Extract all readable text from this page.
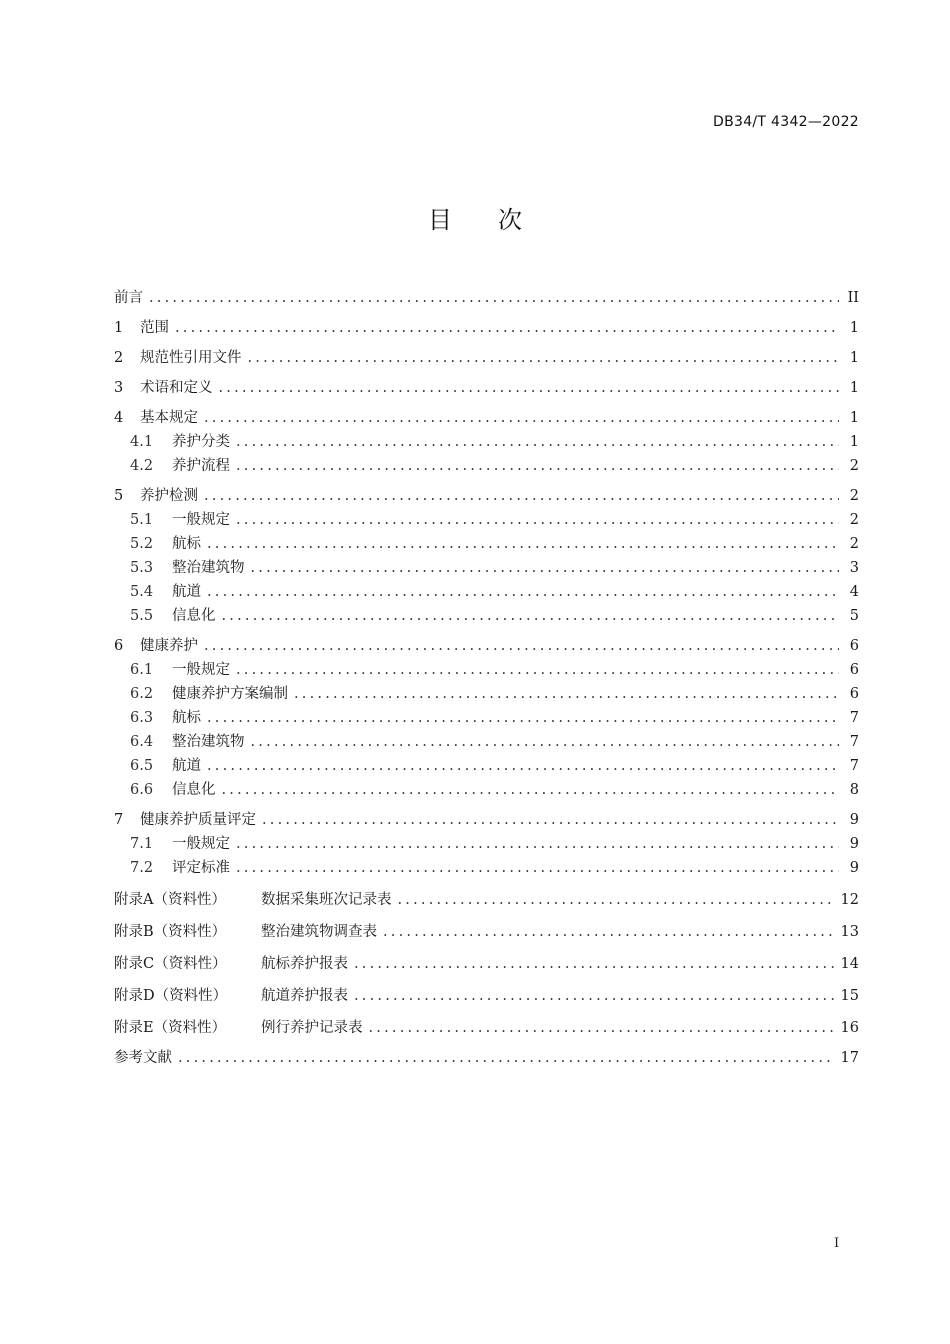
DB34/T 4342—2022
目次
前言 .....	II
1	范围 .....	1
2	规范性引用文件 .....	1
3	术语和定义 .....	1
4	基本规定 .....	1
4.1	养护分类 .....	1
4.2	养护流程 .....	2
5	养护检测 .....	2
5.1	一般规定 .....	2
5.2	航标 .....	2
5.3	整治建筑物 .....	3
5.4	航道 .....	4
5.5	信息化 .....	5
6	健康养护 .....	6
6.1	一般规定 .....	6
6.2	健康养护方案编制 .....	6
6.3	航标 .....	7
6.4	整治建筑物 .....	7
6.5	航道 .....	7
6.6	信息化 .....	8
7	健康养护质量评定 .....	9
7.1	一般规定 .....	9
7.2	评定标准 .....	9
附录A（资料性）	数据采集班次记录表 .....	12
附录B（资料性）	整治建筑物调查表 .....	13
附录C（资料性）	航标养护报表 .....	14
附录D（资料性）	航道养护报表 .....	15
附录E（资料性）	例行养护记录表 .....	16
参考文献 .....	17
I
